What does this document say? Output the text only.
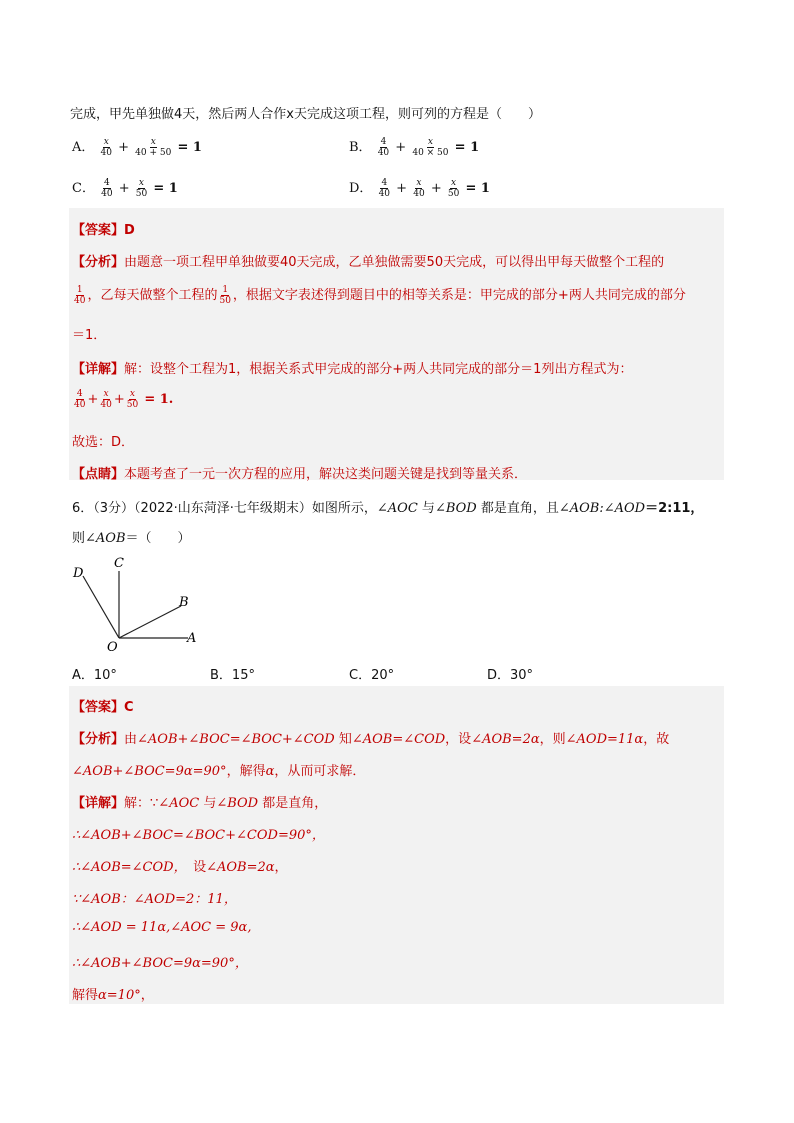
完成，甲先单独做4天，然后两人合作x天完成这项工程，则可列的方程是（　　）
A． $\frac{x}{40} + \frac{x}{40 + 50} = 1$	B． $\frac{4}{40} + \frac{x}{40 \times 50} = 1$
C． $\frac{4}{40} + \frac{x}{50} = 1$	D． $\frac{4}{40} + \frac{x}{40} + \frac{x}{50} = 1$
【答案】D
【分析】由题意一项工程甲单独做要40天完成，乙单独做需要50天完成，可以得出甲每天做整个工程的
$\frac{1}{40}$ ，乙每天做整个工程的 $\frac{1}{50}$ ，根据文字表述得到题目中的相等关系是：甲完成的部分+两人共同完成的部分
＝1．
【详解】解：设整个工程为1，根据关系式甲完成的部分+两人共同完成的部分＝1列出方程式为：
$\frac{4}{40} + \frac{x}{40} + \frac{x}{50} = 1$.
故选：D．
【点睛】本题考查了一元一次方程的应用，解决这类问题关键是找到等量关系．
6．（3分）（2022·山东菏泽·七年级期末）如图所示，∠AOC 与∠BOD 都是直角，且∠AOB:∠AOD＝2:11，
则∠AOB＝（　　）
D
C
B
O
A
A．10°	B．15°	C．20°	D．30°
【答案】C
【分析】由∠AOB+∠BOC=∠BOC+∠COD 知∠AOB=∠COD，设∠AOB=2α，则∠AOD=11α，故
∠AOB+∠BOC=9α=90°，解得α，从而可求解．
【详解】解：∵∠AOC 与∠BOD 都是直角，
∴∠AOB+∠BOC=∠BOC+∠COD=90°，
∴∠AOB=∠COD，　设∠AOB=2α，
∵∠AOB：∠AOD=2：11，
∴∠AOD = 11α,∠AOC = 9α,
∴∠AOB+∠BOC=9α=90°，
解得α=10°，
